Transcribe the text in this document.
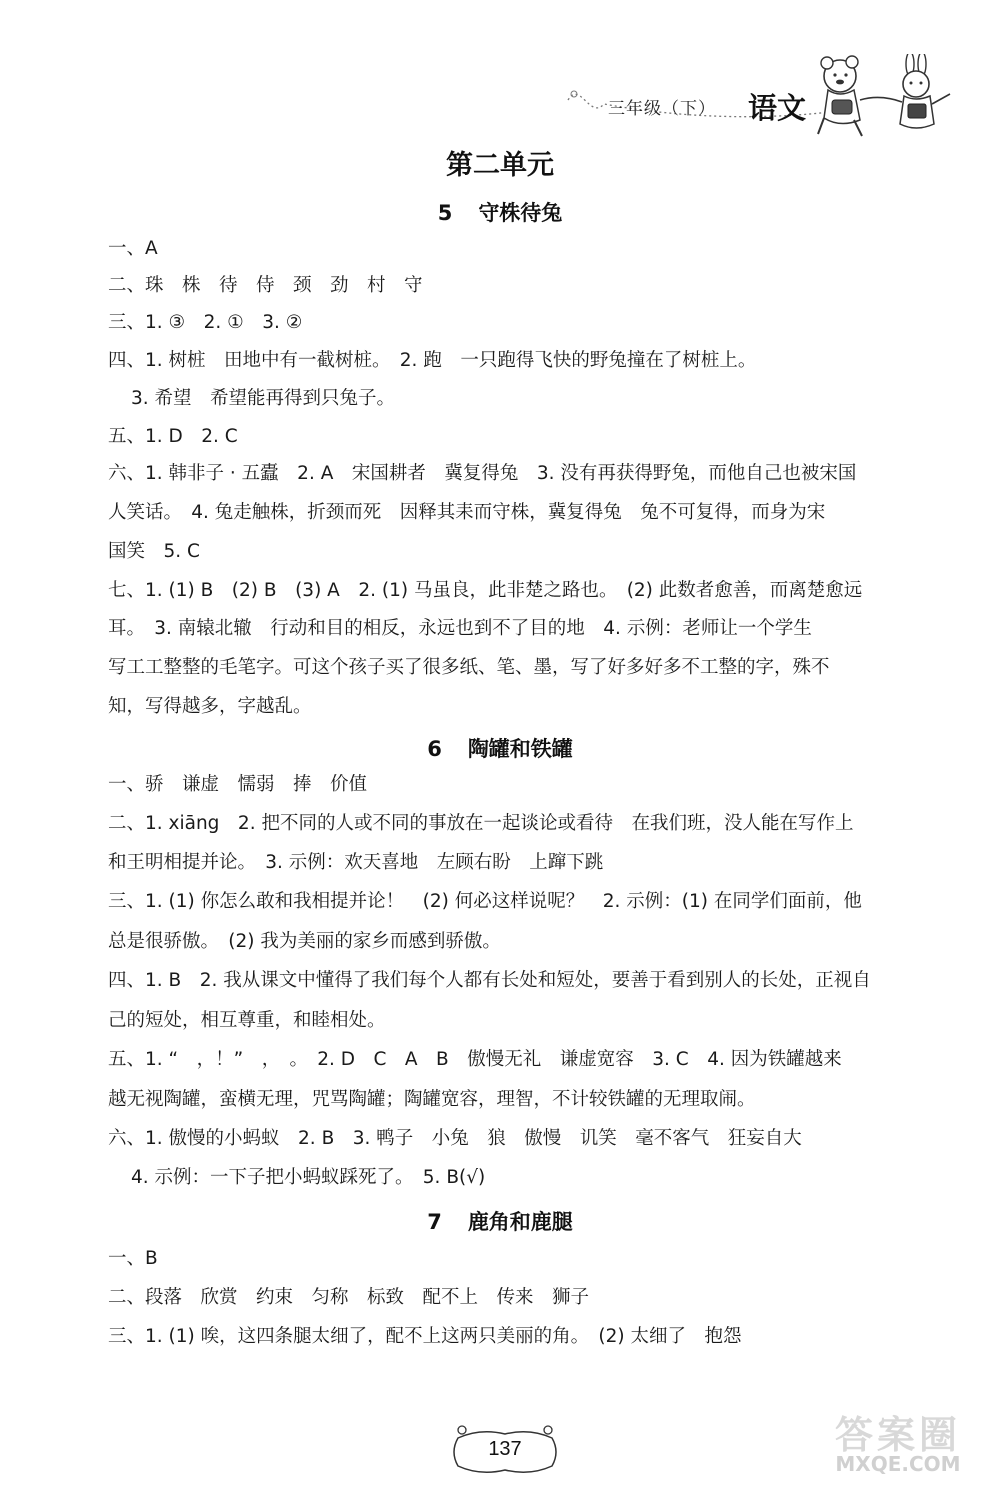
三年级（下） 语文
第二单元
5 守株待兔
一、A
二、珠　株　待　侍　颈　劲　村　守
三、1. ③　2. ①　3. ②
四、1. 树桩　田地中有一截树桩。　2. 跑　一只跑得飞快的野兔撞在了树桩上。
3. 希望　希望能再得到只兔子。
五、1. D　2. C
六、1. 韩非子 · 五蠹　2. A　宋国耕者　冀复得兔　3. 没有再获得野兔，而他自己也被宋国
人笑话。　4. 兔走触株，折颈而死　因释其耒而守株，冀复得兔　兔不可复得，而身为宋
国笑　5. C
七、1. (1) B　(2) B　(3) A　2. (1) 马虽良，此非楚之路也。　(2) 此数者愈善，而离楚愈远
耳。　3. 南辕北辙　行动和目的相反，永远也到不了目的地　4. 示例：老师让一个学生
写工工整整的毛笔字。可这个孩子买了很多纸、笔、墨，写了好多好多不工整的字，殊不
知，写得越多，字越乱。
6 陶罐和铁罐
一、骄　谦虚　懦弱　捧　价值
二、1. xiāng　2. 把不同的人或不同的事放在一起谈论或看待　在我们班，没人能在写作上
和王明相提并论。　3. 示例：欢天喜地　左顾右盼　上蹿下跳
三、1. (1) 你怎么敢和我相提并论！　(2) 何必这样说呢？　2. 示例：(1) 在同学们面前，他
总是很骄傲。　(2) 我为美丽的家乡而感到骄傲。
四、1. B　2. 我从课文中懂得了我们每个人都有长处和短处，要善于看到别人的长处，正视自
己的短处，相互尊重，和睦相处。
五、1. “　，！”　，　。　2. D　C　A　B　傲慢无礼　谦虚宽容　3. C　4. 因为铁罐越来
越无视陶罐，蛮横无理，咒骂陶罐；陶罐宽容，理智，不计较铁罐的无理取闹。
六、1. 傲慢的小蚂蚁　2. B　3. 鸭子　小兔　狼　傲慢　讥笑　毫不客气　狂妄自大
4. 示例：一下子把小蚂蚁踩死了。　5. B(√)
7 鹿角和鹿腿
一、B
二、段落　欣赏　约束　匀称　标致　配不上　传来　狮子
三、1. (1) 唉，这四条腿太细了，配不上这两只美丽的角。　(2) 太细了　抱怨
137	答案圈
MXQE.COM
